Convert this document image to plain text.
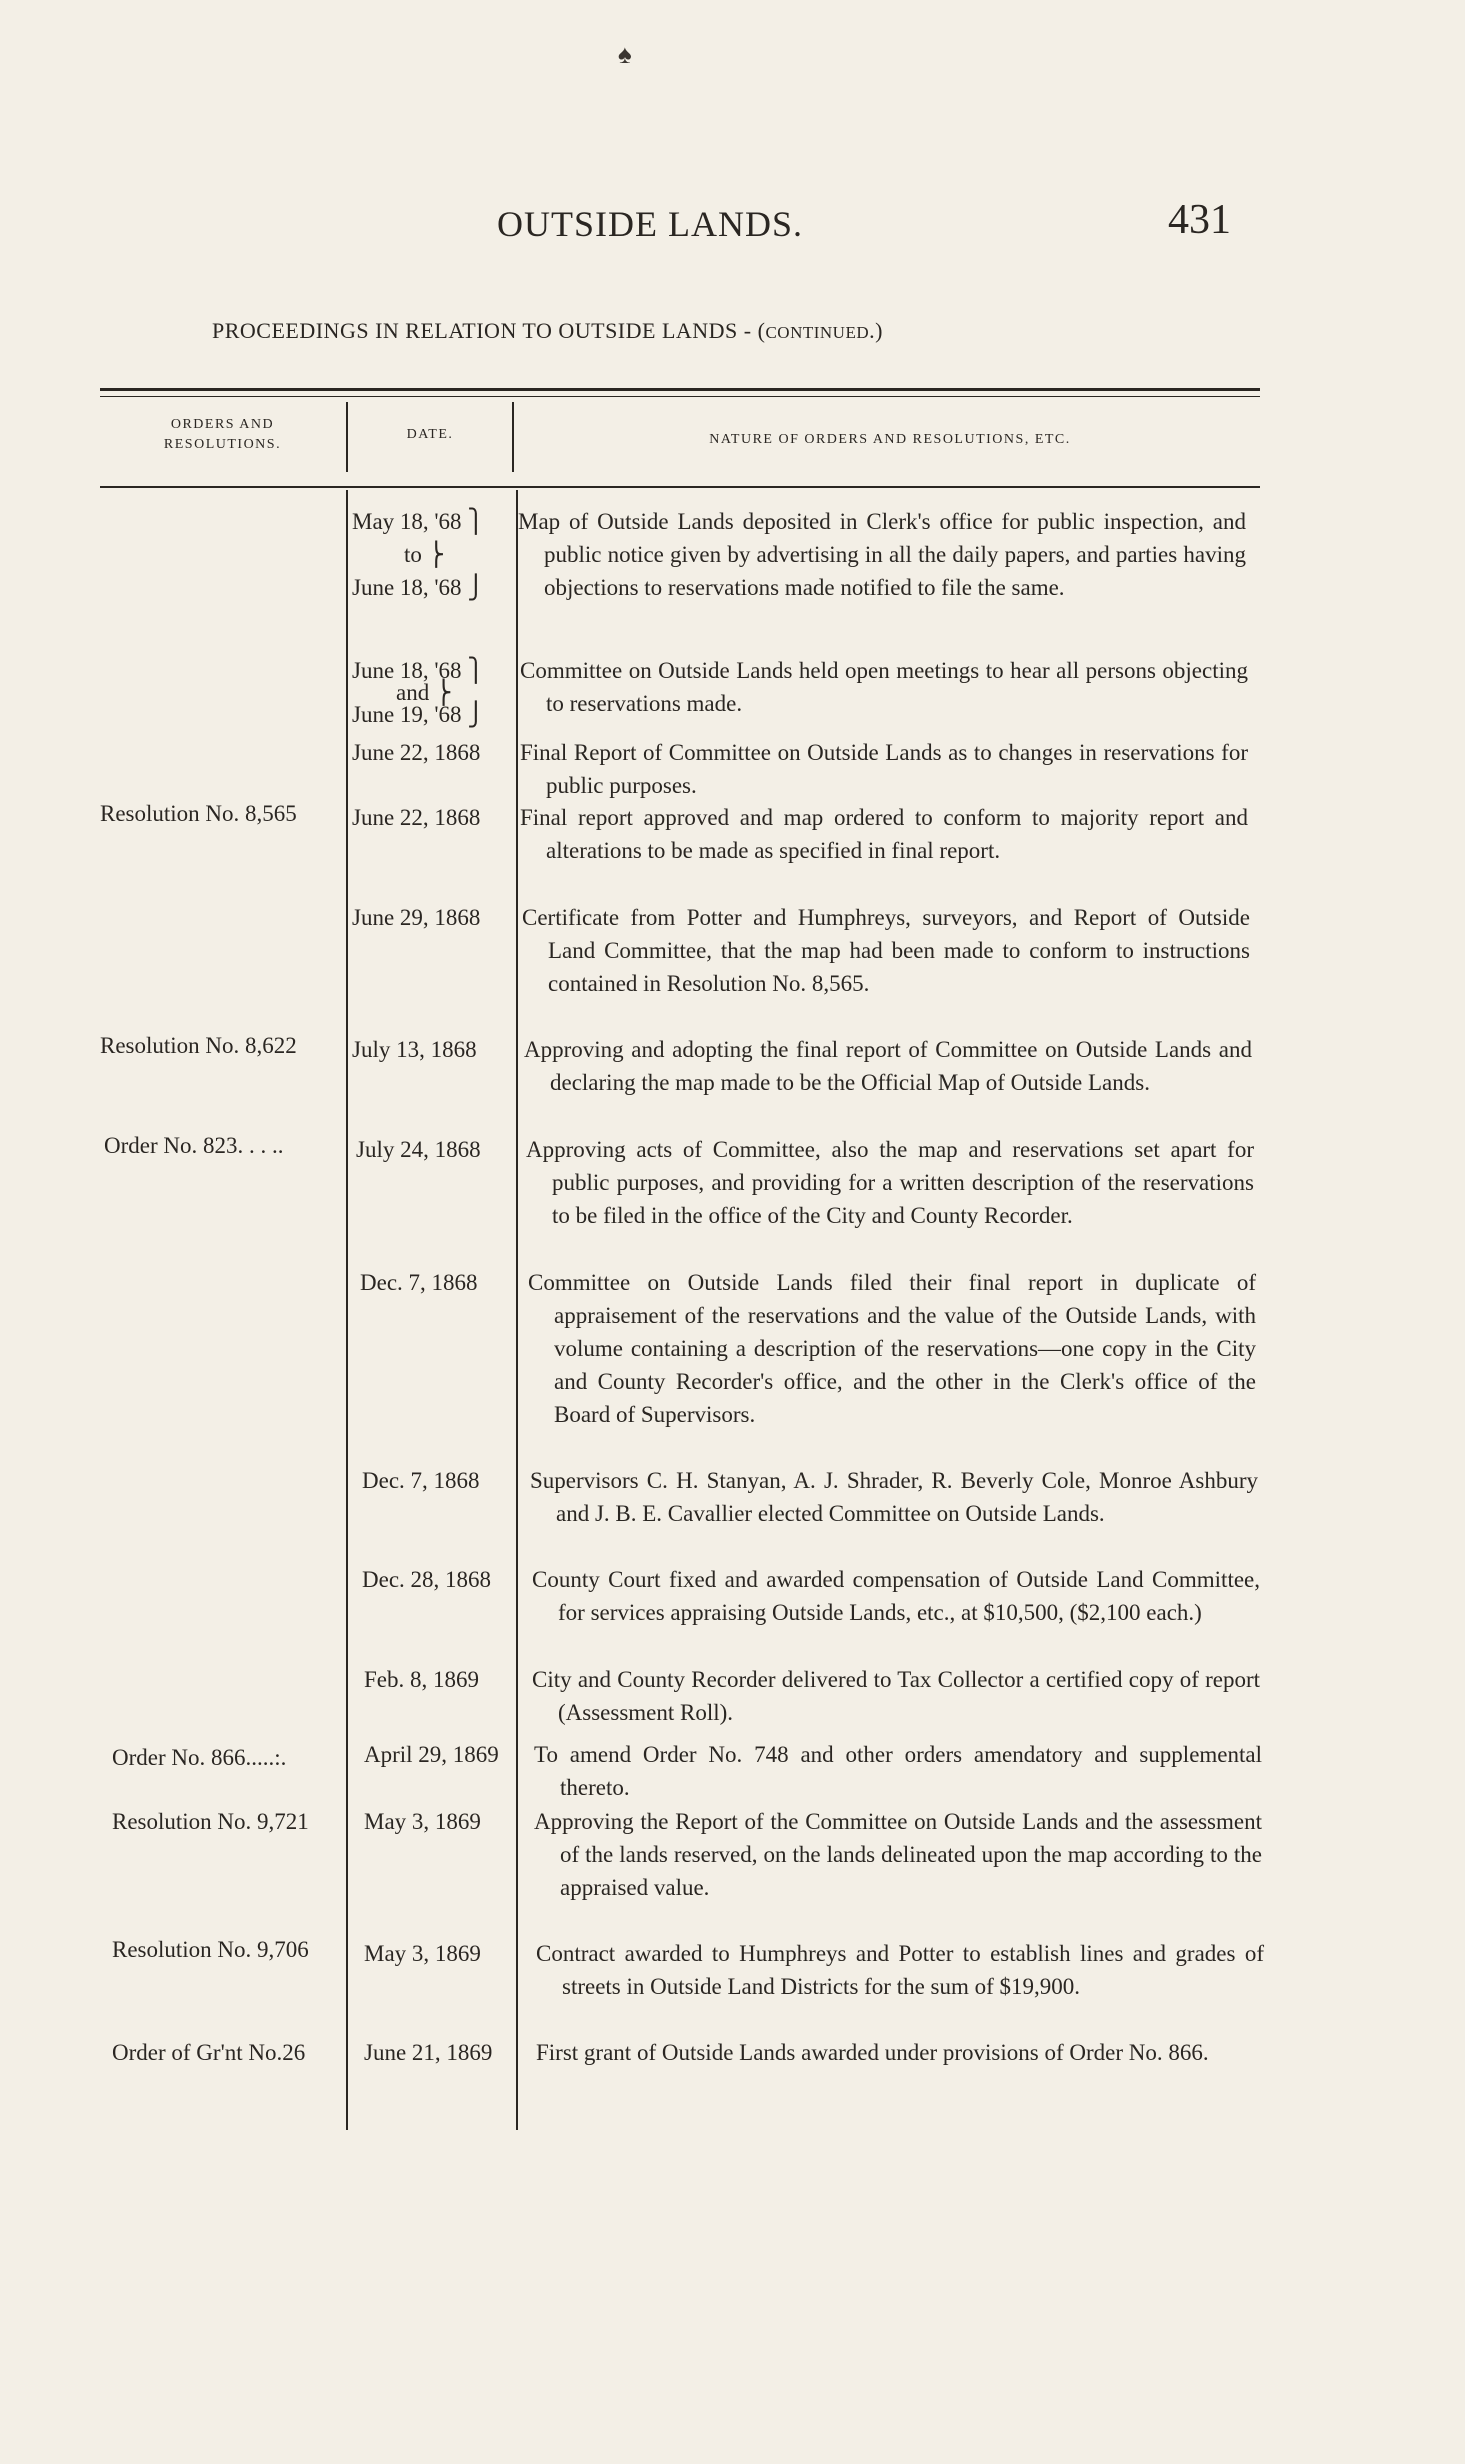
♠
OUTSIDE LANDS.	431
PROCEEDINGS IN RELATION TO OUTSIDE LANDS - (CONTINUED.)
ORDERS AND
RESOLUTIONS.
DATE.	NATURE OF ORDERS AND RESOLUTIONS, ETC.
May 18, '68 ⎫
to ⎬
June 18, '68 ⎭
Map of Outside Lands deposited in Clerk's office for public inspection, and public notice given by advertising in all the daily papers, and parties having objections to reservations made notified to file the same.
June 18, '68 ⎫
and ⎬
June 19, '68 ⎭
Committee on Outside Lands held open meetings to hear all persons objecting to reservations made.
June 22, 1868 Final Report of Committee on Outside Lands as to changes in reservations for public purposes.
Resolution No. 8,565 June 22, 1868 Final report approved and map ordered to conform to majority report and alterations to be made as specified in final report.
June 29, 1868 Certificate from Potter and Humphreys, surveyors, and Report of Outside Land Committee, that the map had been made to conform to instructions contained in Resolution No. 8,565.
Resolution No. 8,622 July 13, 1868 Approving and adopting the final report of Committee on Outside Lands and declaring the map made to be the Official Map of Outside Lands.
Order No. 823. . . ..	July 24, 1868 Approving acts of Committee, also the map and reservations set apart for public purposes, and providing for a written description of the reservations to be filed in the office of the City and County Recorder.
Dec. 7, 1868 Committee on Outside Lands filed their final report in duplicate of appraisement of the reservations and the value of the Outside Lands, with volume containing a description of the reservations—one copy in the City and County Recorder's office, and the other in the Clerk's office of the Board of Supervisors.
Dec. 7, 1868 Supervisors C. H. Stanyan, A. J. Shrader, R. Beverly Cole, Monroe Ashbury and J. B. E. Cavallier elected Committee on Outside Lands.
Dec. 28, 1868 County Court fixed and awarded compensation of Outside Land Committee, for services appraising Outside Lands, etc., at $10,500, ($2,100 each.)
Feb. 8, 1869 City and County Recorder delivered to Tax Collector a certified copy of report (Assessment Roll).
Order No. 866.....:.	April 29, 1869 To amend Order No. 748 and other orders amendatory and supplemental thereto.
Resolution No. 9,721 May 3, 1869 Approving the Report of the Committee on Outside Lands and the assessment of the lands reserved, on the lands delineated upon the map according to the appraised value.
Resolution No. 9,706 May 3, 1869 Contract awarded to Humphreys and Potter to establish lines and grades of streets in Outside Land Districts for the sum of $19,900.
Order of Gr'nt No.26	June 21, 1869 First grant of Outside Lands awarded under provisions of Order No. 866.
